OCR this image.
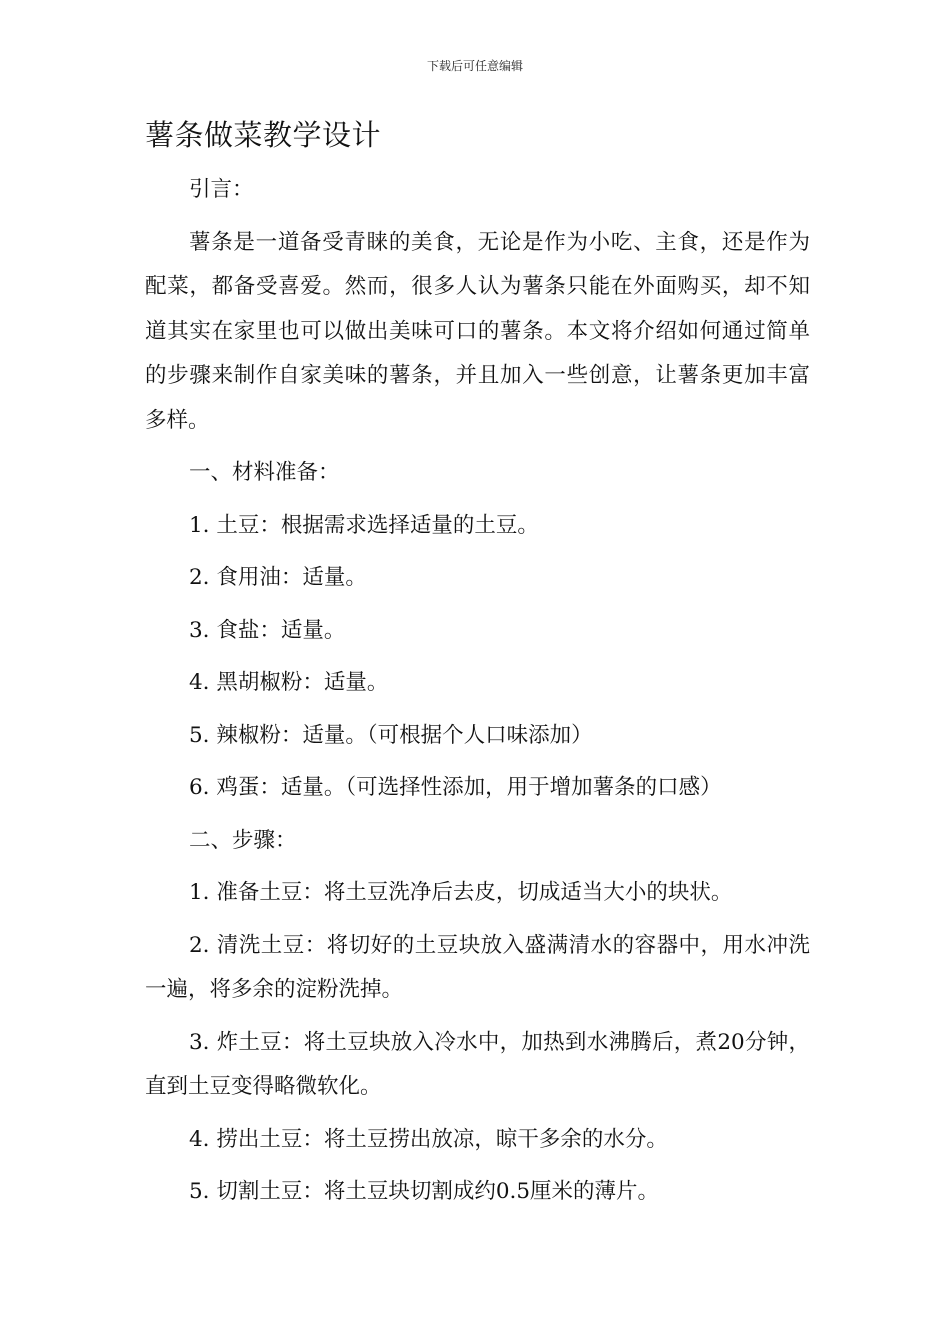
下载后可任意编辑
薯条做菜教学设计

引言：

薯条是一道备受青睐的美食，无论是作为小吃、主食，还是作为配菜，都备受喜爱。然而，很多人认为薯条只能在外面购买，却不知道其实在家里也可以做出美味可口的薯条。本文将介绍如何通过简单的步骤来制作自家美味的薯条，并且加入一些创意，让薯条更加丰富多样。

一、材料准备：

1. 土豆：根据需求选择适量的土豆。

2. 食用油：适量。

3. 食盐：适量。

4. 黑胡椒粉：适量。

5. 辣椒粉：适量。（可根据个人口味添加）

6. 鸡蛋：适量。（可选择性添加，用于增加薯条的口感）

二、步骤：

1. 准备土豆：将土豆洗净后去皮，切成适当大小的块状。

2. 清洗土豆：将切好的土豆块放入盛满清水的容器中，用水冲洗一遍，将多余的淀粉洗掉。

3. 炸土豆：将土豆块放入冷水中，加热到水沸腾后，煮20分钟，直到土豆变得略微软化。

4. 捞出土豆：将土豆捞出放凉，晾干多余的水分。

5. 切割土豆：将土豆块切割成约0.5厘米的薄片。
